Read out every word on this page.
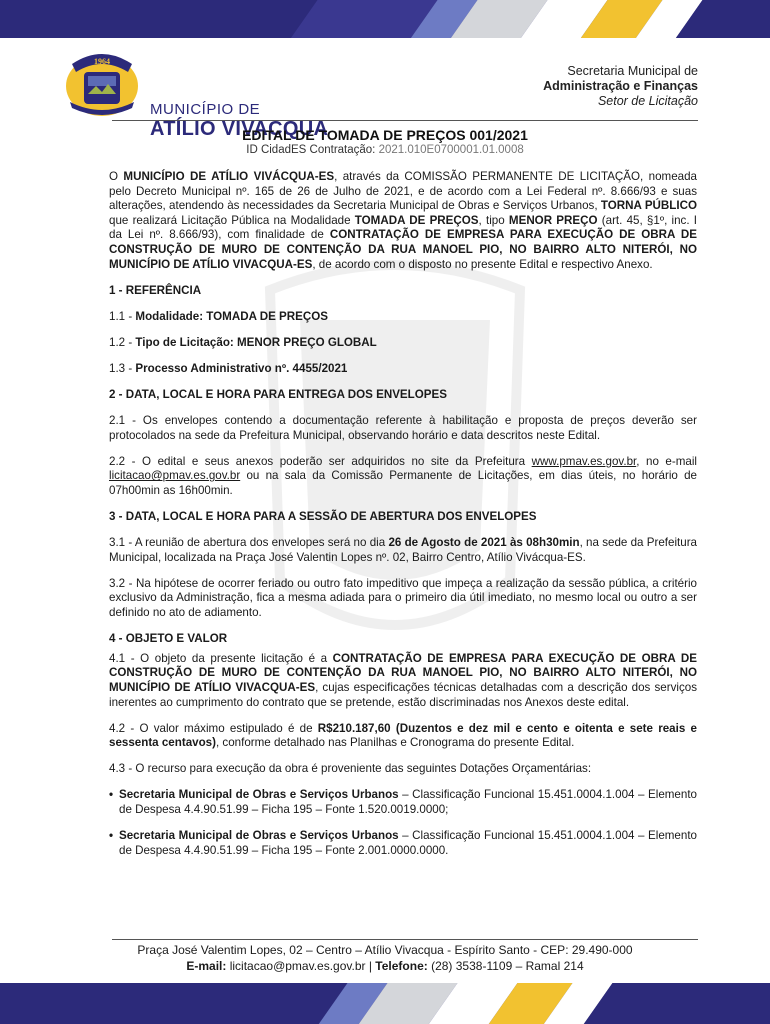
1964
MUNICÍPIO DE
ATÍLIO VIVACQUA
Secretaria Municipal de
Administração e Finanças
Setor de Licitação
EDITAL DE TOMADA DE PREÇOS 001/2021
ID CidadES Contratação: 2021.010E0700001.01.0008

O MUNICÍPIO DE ATÍLIO VIVÁCQUA-ES, através da COMISSÃO PERMANENTE DE LICITAÇÃO, nomeada pelo Decreto Municipal nº. 165 de 26 de Julho de 2021, e de acordo com a Lei Federal nº. 8.666/93 e suas alterações, atendendo às necessidades da Secretaria Municipal de Obras e Serviços Urbanos, TORNA PÚBLICO que realizará Licitação Pública na Modalidade TOMADA DE PREÇOS, tipo MENOR PREÇO (art. 45, §1º, inc. I da Lei nº. 8.666/93), com finalidade de CONTRATAÇÃO DE EMPRESA PARA EXECUÇÃO DE OBRA DE CONSTRUÇÃO DE MURO DE CONTENÇÃO DA RUA MANOEL PIO, NO BAIRRO ALTO NITERÓI, NO MUNICÍPIO DE ATÍLIO VIVACQUA-ES, de acordo com o disposto no presente Edital e respectivo Anexo.

1 - REFERÊNCIA

1.1 - Modalidade: TOMADA DE PREÇOS

1.2 - Tipo de Licitação: MENOR PREÇO GLOBAL

1.3 - Processo Administrativo nº. 4455/2021

2 - DATA, LOCAL E HORA PARA ENTREGA DOS ENVELOPES

2.1 - Os envelopes contendo a documentação referente à habilitação e proposta de preços deverão ser protocolados na sede da Prefeitura Municipal, observando horário e data descritos neste Edital.

2.2 - O edital e seus anexos poderão ser adquiridos no site da Prefeitura www.pmav.es.gov.br, no e-mail licitacao@pmav.es.gov.br ou na sala da Comissão Permanente de Licitações, em dias úteis, no horário de 07h00min as 16h00min.

3 - DATA, LOCAL E HORA PARA A SESSÃO DE ABERTURA DOS ENVELOPES

3.1 - A reunião de abertura dos envelopes será no dia 26 de Agosto de 2021 às 08h30min, na sede da Prefeitura Municipal, localizada na Praça José Valentin Lopes nº. 02, Bairro Centro, Atílio Vivácqua-ES.

3.2 - Na hipótese de ocorrer feriado ou outro fato impeditivo que impeça a realização da sessão pública, a critério exclusivo da Administração, fica a mesma adiada para o primeiro dia útil imediato, no mesmo local ou outro a ser definido no ato de adiamento.

4 - OBJETO E VALOR

4.1 - O objeto da presente licitação é a CONTRATAÇÃO DE EMPRESA PARA EXECUÇÃO DE OBRA DE CONSTRUÇÃO DE MURO DE CONTENÇÃO DA RUA MANOEL PIO, NO BAIRRO ALTO NITERÓI, NO MUNICÍPIO DE ATÍLIO VIVACQUA-ES, cujas especificações técnicas detalhadas com a descrição dos serviços inerentes ao cumprimento do contrato que se pretende, estão discriminadas nos Anexos deste edital.

4.2 - O valor máximo estipulado é de R$210.187,60 (Duzentos e dez mil e cento e oitenta e sete reais e sessenta centavos), conforme detalhado nas Planilhas e Cronograma do presente Edital.

4.3 - O recurso para execução da obra é proveniente das seguintes Dotações Orçamentárias:

• Secretaria Municipal de Obras e Serviços Urbanos – Classificação Funcional 15.451.0004.1.004 – Elemento de Despesa 4.4.90.51.99 – Ficha 195 – Fonte 1.520.0019.0000;
• Secretaria Municipal de Obras e Serviços Urbanos – Classificação Funcional 15.451.0004.1.004 – Elemento de Despesa 4.4.90.51.99 – Ficha 195 – Fonte 2.001.0000.0000.
Praça José Valentim Lopes, 02 – Centro – Atílio Vivacqua - Espírito Santo - CEP: 29.490-000
E-mail: licitacao@pmav.es.gov.br | Telefone: (28) 3538-1109 – Ramal 214
